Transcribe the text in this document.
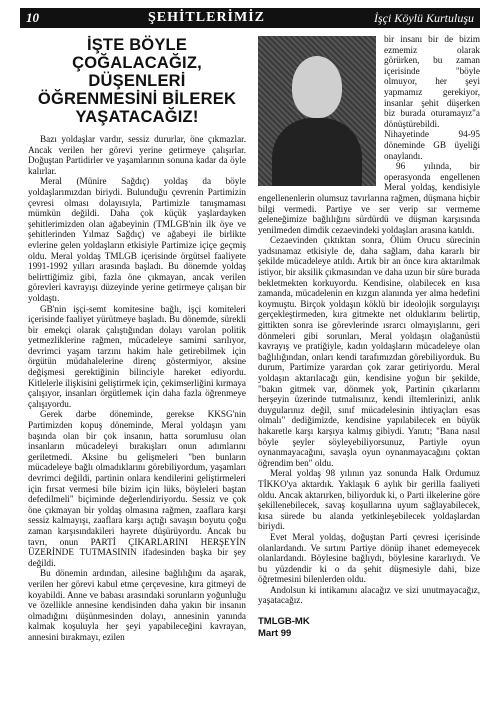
10	ŞEHİTLERİMİZ	İşçi Köylü Kurtuluşu
İŞTE BÖYLE ÇOĞALACAĞIZ, DÜŞENLERİ ÖĞRENMESİNİ BİLEREK YAŞATACAĞIZ!

Bazı yoldaşlar vardır, sessiz dururlar, öne çıkmazlar. Ancak verilen her görevi yerine getirmeye çalışırlar. Doğuştan Partidirler ve yaşamlarının sonuna kadar da öyle kalırlar.

Meral (Münire Sağdıç) yoldaş da böyle yoldaşlarımızdan biriydi. Bulunduğu çevrenin Partimizin çevresi olması dolayısıyla, Partimizle tanışmaması mümkün değildi. Daha çok küçük yaşlardayken şehitlerimizden olan ağabeyinin (TMLGB'nin ilk öye ve şehitlerinden Yılmaz Sağdıç) ve ağabeyi ile birlikte evlerine gelen yoldaşların etkisiyle Partimize içiçe geçmiş oldu. Meral yoldaş TMLGB içerisinde örgütsel faaliyete 1991-1992 yılları arasında başladı. Bu dönemde yoldaş belirttiğimiz gibi, fazla öne çıkmayan, ancak verilen görevleri kavrayışı düzeyinde yerine getirmeye çalışan bir yoldaştı.

GB'nin işçi-semt komitesine bağlı, işçi komiteleri içerisinde faaliyet yürütmeye başladı. Bu dönemde, sürekli bir emekçi olarak çalıştığından dolayı varolan politik yetmezliklerine rağmen, mücadeleye samimi sarılıyor, devrimci yaşam tarzını hakim hale getirebilmek için örgütün müdahalelerine direnç göstermiyor, aksine değişmesi gerektiğinin bilinciyle hareket ediyordu. Kitlelerle ilişkisini geliştirmek için, çekimserliğini kırmaya çalışıyor, insanları örgütlemek için daha fazla öğrenmeye çalışıyordu.

Gerek darbe döneminde, gerekse KKSG'nin Partimizden kopuş döneminde, Meral yoldaşın yanı başında olan bir çok insanın, hatta sorumlusu olan insanların mücadeleyi bırakışları onun adımlarını geriletmedi. Aksine bu gelişmeleri "ben bunların mücadeleye bağlı olmadıklarını görebiliyordum, yaşamları devrimci değildi, partinin onlara kendilerini geliştirmeleri için fırsat vermesi bile bizim için lüks, böyleleri baştan defedilmeli" biçiminde değerlendiriyordu. Sessiz ve çok öne çıkmayan bir yoldaş olmasına rağmen, zaaflara karşı sessiz kalmayışı, zaaflara karşı açtığı savaşın boyutu çoğu zaman karşısındakileri hayrete düşürüyordu. Ancak bu tavrı, onun PARTİ ÇIKARLARINI HERŞEYİN ÜZERİNDE TUTMASININ ifadesinden başka bir şey değildi.

Bu dönemin ardından, ailesine bağlılığını da aşarak, verilen her görevi kabul etme çerçevesine, kıra gitmeyi de koyabildi. Anne ve babası arasındaki sorunların yoğunluğu ve özellikle annesine kendisinden daha yakın bir insanın olmadığını düşünmesinden dolayı, annesinin yanında kalmak koşuluyla her şeyi yapabileceğini kavrayan, annesini bırakmayı, ezilen

bir insanı bir de bizim ezmemiz olarak görürken, bu zaman içerisinde "böyle olmuyor, her şeyi yapmamız gerekiyor, insanlar şehit düşerken biz burada oturamayız"a dönüştürebildi. Nihayetinde 94-95 döneminde GB üyeliği onaylandı.

96 yılında, bir operasyonda engellenen Meral yoldaş, kendisiyle engellenenlerin olumsuz tavırlarına rağmen, düşmana hiçbir bilgi vermedi. Partiye ve ser verip sır vermeme geleneğimize bağlılığını sürdürdü ve düşman karşısında yenilmeden dimdik cezaevindeki yoldaşları arasına katıldı.

Cezaevinden çıktıktan sonra, Ölüm Orucu sürecinin yadsınamaz etkisiyle de, daha sağlam, daha kararlı bir şekilde mücadeleye atıldı. Artık bir an önce kıra aktarılmak istiyor, bir aksilik çıkmasından ve daha uzun bir süre burada bekletmekten korkuyordu. Kendisine, olabilecek en kısa zamanda, mücadelenin en kızgın alanında yer alma hedefini koymuştu. Birçok yoldaşın köklü bir ideolojik sorgulayışı gerçekleştirmeden, kıra gitmekte net olduklarını belirtip, gittikten sonra ise görevlerinde ısrarcı olmayışlarını, geri dönmeleri gibi sorunları, Meral yoldaşın olağanüstü kavrayış ve pratiğiyle, kadın yoldaşların mücadeleye olan bağlılığından, onları kendi tarafımızdan görebiliyorduk. Bu durum, Partimize yarardan çok zarar getiriyordu. Meral yoldaşın aktarılacağı gün, kendisine yoğun bir şekilde, "bakın gitmek var, dönmek yok, Partinin çıkarlarını herşeyin üzerinde tutmalısınız, kendi iltemlerinizi, anlık duygularınız değil, sınıf mücadelesinin ihtiyaçları esas olmalı" dediğimizde, kendisine yapılabilecek en büyük hakaretle karşı karşıya kalmış gibiydi. Yanıtı; "Bana nasıl böyle şeyler söyleyebiliyorsunuz, Partiyle oyun oynanmayacağını, savaşla oyun oynanmayacağını çoktan öğrendim ben" oldu.

Meral yoldaş 98 yılının yaz sonunda Halk Ordumuz TİKKO'ya aktardık. Yaklaşık 6 aylık bir gerilla faaliyeti oldu. Ancak aktarırken, biliyorduk ki, o Parti ilkelerine göre şekillenebilecek, savaş koşullarına uyum sağlayabilecek, kısa sürede bu alanda yetkinleşebilecek yoldaşlardan biriydi.

Evet Meral yoldaş, doğuştan Parti çevresi içerisinde olanlardandı. Ve sırtını Partiye dönüp ihanet edemeyecek olanlardandı. Böylesine bağlıydı, böylesine kararlıydı. Ve bu yüzdendir ki o da şehit düşmesiyle dahi, bize öğretmesini bilenlerden oldu.

Andolsun ki intikamını alacağız ve sizi unutmayacağız, yaşatacağız.

TMLGB-MK
Mart 99
